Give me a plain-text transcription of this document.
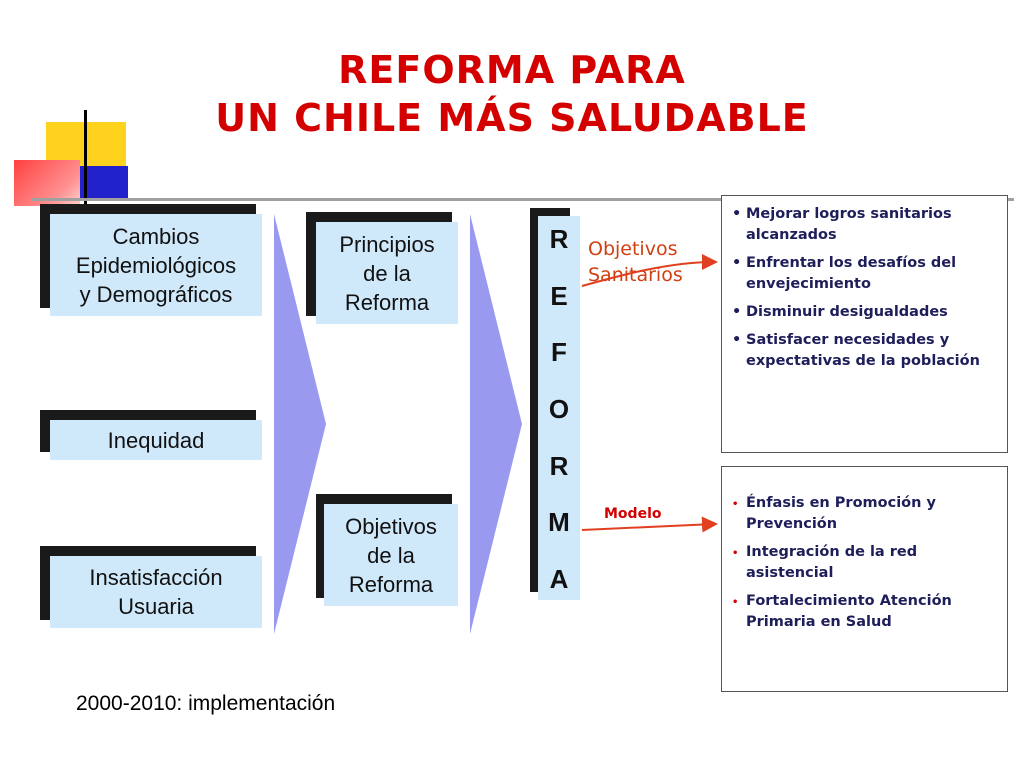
REFORMA PARA
UN CHILE MÁS SALUDABLE
Cambios
Epidemiológicos
y Demográficos
Inequidad
Insatisfacción
Usuaria
Principios
de la
Reforma
Objetivos
de la
Reforma
R
E
F
O
R
M
A
Objetivos
Sanitarios
Modelo
• Mejorar logros sanitarios alcanzados
• Enfrentar los desafíos del envejecimiento
• Disminuir desigualdades
• Satisfacer necesidades y expectativas de la población
• Énfasis en Promoción y Prevención
• Integración de la red asistencial
• Fortalecimiento Atención Primaria en Salud
2000-2010: implementación
